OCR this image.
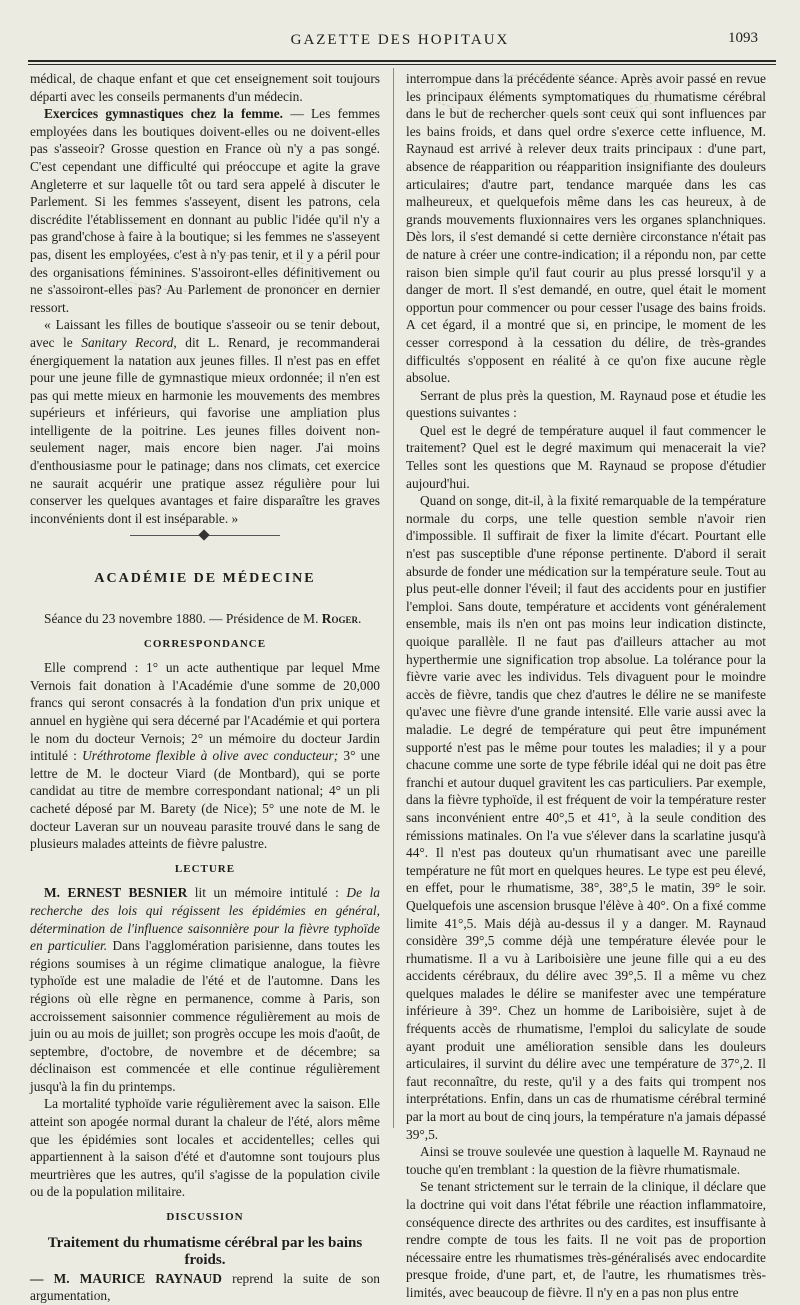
GAZETTE DES HOPITAUX	1093

médical, de chaque enfant et que cet enseignement soit toujours départi avec les conseils permanents d'un médecin.

Exercices gymnastiques chez la femme. — Les femmes employées dans les boutiques doivent-elles ou ne doivent-elles pas s'asseoir? Grosse question en France où n'y a pas songé. C'est cependant une difficulté qui préoccupe et agite la grave Angleterre et sur laquelle tôt ou tard sera appelé à discuter le Parlement. Si les femmes s'asseyent, disent les patrons, cela discrédite l'établissement en donnant au public l'idée qu'il n'y a pas grand'chose à faire à la boutique; si les femmes ne s'asseyent pas, disent les employées, c'est à n'y pas tenir, et il y a péril pour des organisations féminines. S'assoiront-elles définitivement ou ne s'assoiront-elles pas? Au Parlement de prononcer en dernier ressort.

« Laissant les filles de boutique s'asseoir ou se tenir debout, avec le Sanitary Record, dit L. Renard, je recommanderai énergiquement la natation aux jeunes filles. Il n'est pas en effet pour une jeune fille de gymnastique mieux ordonnée; il n'en est pas qui mette mieux en harmonie les mouvements des membres supérieurs et inférieurs, qui favorise une ampliation plus intelligente de la poitrine. Les jeunes filles doivent non-seulement nager, mais encore bien nager. J'ai moins d'enthousiasme pour le patinage; dans nos climats, cet exercice ne saurait acquérir une pratique assez régulière pour lui conserver les quelques avantages et faire disparaître les graves inconvénients dont il est inséparable. »

ACADÉMIE DE MÉDECINE

Séance du 23 novembre 1880. — Présidence de M. Roger.

CORRESPONDANCE

Elle comprend : 1° un acte authentique par lequel Mme Vernois fait donation à l'Académie d'une somme de 20,000 francs qui seront consacrés à la fondation d'un prix unique et annuel en hygiène qui sera décerné par l'Académie et qui portera le nom du docteur Vernois; 2° un mémoire du docteur Jardin intitulé : Uréthrotome flexible à olive avec conducteur; 3° une lettre de M. le docteur Viard (de Montbard), qui se porte candidat au titre de membre correspondant national; 4° un pli cacheté déposé par M. Barety (de Nice); 5° une note de M. le docteur Laveran sur un nouveau parasite trouvé dans le sang de plusieurs malades atteints de fièvre palustre.

LECTURE

M. ERNEST BESNIER lit un mémoire intitulé : De la recherche des lois qui régissent les épidémies en général, détermination de l'influence saisonnière pour la fièvre typhoïde en particulier. Dans l'agglomération parisienne, dans toutes les régions soumises à un régime climatique analogue, la fièvre typhoïde est une maladie de l'été et de l'automne. Dans les régions où elle règne en permanence, comme à Paris, son accroissement saisonnier commence régulièrement au mois de juin ou au mois de juillet; son progrès occupe les mois d'août, de septembre, d'octobre, de novembre et de décembre; sa déclinaison est commencée et elle continue régulièrement jusqu'à la fin du printemps.

La mortalité typhoïde varie régulièrement avec la saison. Elle atteint son apogée normal durant la chaleur de l'été, alors même que les épidémies sont locales et accidentelles; celles qui appartiennent à la saison d'été et d'automne sont toujours plus meurtrières que les autres, qu'il s'agisse de la population civile ou de la population militaire.

DISCUSSION
Traitement du rhumatisme cérébral par les bains froids.

— M. MAURICE RAYNAUD reprend la suite de son argumentation,

interrompue dans la précédente séance. Après avoir passé en revue les principaux éléments symptomatiques du rhumatisme cérébral dans le but de rechercher quels sont ceux qui sont influences par les bains froids, et dans quel ordre s'exerce cette influence, M. Raynaud est arrivé à relever deux traits principaux : d'une part, absence de réapparition ou réapparition insignifiante des douleurs articulaires; d'autre part, tendance marquée dans les cas malheureux, et quelquefois même dans les cas heureux, à de grands mouvements fluxionnaires vers les organes splanchniques. Dès lors, il s'est demandé si cette dernière circonstance n'était pas de nature à créer une contre-indication; il a répondu non, par cette raison bien simple qu'il faut courir au plus pressé lorsqu'il y a danger de mort. Il s'est demandé, en outre, quel était le moment opportun pour commencer ou pour cesser l'usage des bains froids. A cet égard, il a montré que si, en principe, le moment de les cesser correspond à la cessation du délire, de très-grandes difficultés s'opposent en réalité à ce qu'on fixe aucune règle absolue.

Serrant de plus près la question, M. Raynaud pose et étudie les questions suivantes :

Quel est le degré de température auquel il faut commencer le traitement? Quel est le degré maximum qui menacerait la vie? Telles sont les questions que M. Raynaud se propose d'étudier aujourd'hui.

Quand on songe, dit-il, à la fixité remarquable de la température normale du corps, une telle question semble n'avoir rien d'impossible. Il suffirait de fixer la limite d'écart. Pourtant elle n'est pas susceptible d'une réponse pertinente. D'abord il serait absurde de fonder une médication sur la température seule. Tout au plus peut-elle donner l'éveil; il faut des accidents pour en justifier l'emploi. Sans doute, température et accidents vont généralement ensemble, mais ils n'en ont pas moins leur indication distincte, quoique parallèle. Il ne faut pas d'ailleurs attacher au mot hyperthermie une signification trop absolue. La tolérance pour la fièvre varie avec les individus. Tels divaguent pour le moindre accès de fièvre, tandis que chez d'autres le délire ne se manifeste qu'avec une fièvre d'une grande intensité. Elle varie aussi avec la maladie. Le degré de température qui peut être impunément supporté n'est pas le même pour toutes les maladies; il y a pour chacune comme une sorte de type fébrile idéal qui ne doit pas être franchi et autour duquel gravitent les cas particuliers. Par exemple, dans la fièvre typhoïde, il est fréquent de voir la température rester sans inconvénient entre 40°,5 et 41°, à la seule condition des rémissions matinales. On l'a vue s'élever dans la scarlatine jusqu'à 44°. Il n'est pas douteux qu'un rhumatisant avec une pareille température ne fût mort en quelques heures. Le type est peu élevé, en effet, pour le rhumatisme, 38°, 38°,5 le matin, 39° le soir. Quelquefois une ascension brusque l'élève à 40°. On a fixé comme limite 41°,5. Mais déjà au-dessus il y a danger. M. Raynaud considère 39°,5 comme déjà une température élevée pour le rhumatisme. Il a vu à Lariboisière une jeune fille qui a eu des accidents cérébraux, du délire avec 39°,5. Il a même vu chez quelques malades le délire se manifester avec une température inférieure à 39°. Chez un homme de Lariboisière, sujet à de fréquents accès de rhumatisme, l'emploi du salicylate de soude ayant produit une amélioration sensible dans les douleurs articulaires, il survint du délire avec une température de 37°,2. Il faut reconnaître, du reste, qu'il y a des faits qui trompent nos interprétations. Enfin, dans un cas de rhumatisme cérébral terminé par la mort au bout de cinq jours, la température n'a jamais dépassé 39°,5.

Ainsi se trouve soulevée une question à laquelle M. Raynaud ne touche qu'en tremblant : la question de la fièvre rhumatismale.

Se tenant strictement sur le terrain de la clinique, il déclare que la doctrine qui voit dans l'état fébrile une réaction inflammatoire, conséquence directe des arthrites ou des cardites, est insuffisante à rendre compte de tous les faits. Il ne voit pas de proportion nécessaire entre les rhumatismes très-généralisés avec endocardite presque froide, d'une part, et, de l'autre, les rhumatismes très-limités, avec beaucoup de fièvre. Il n'y en a pas non plus entre
